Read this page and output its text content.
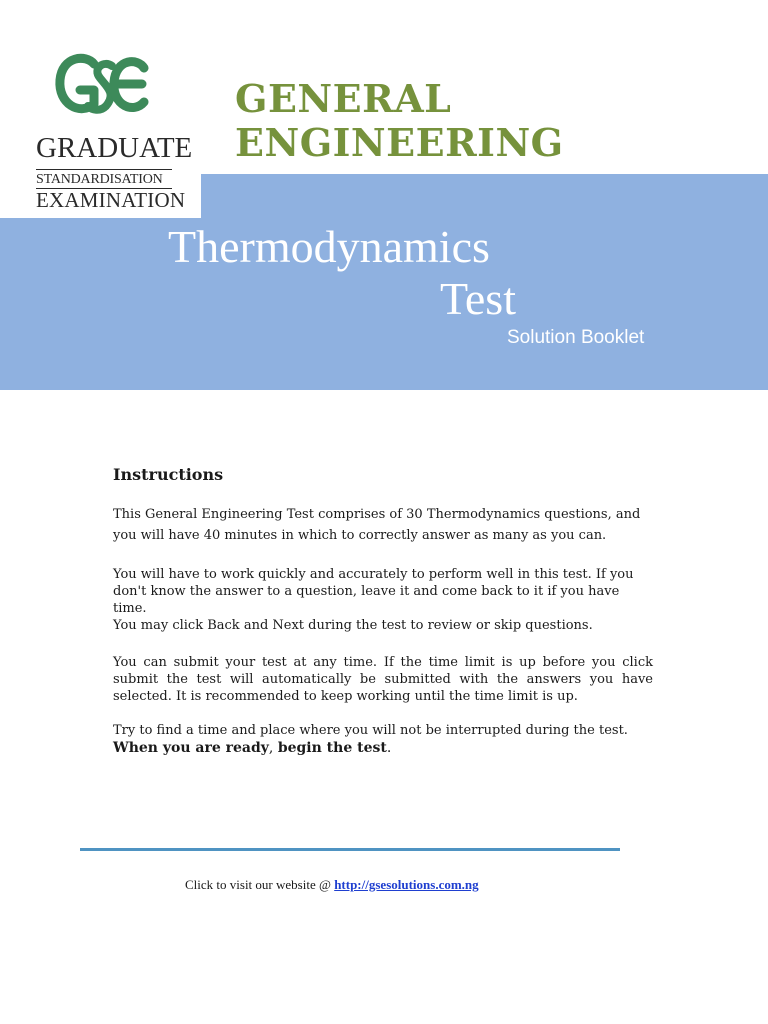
GRADUATE
STANDARDISATION
EXAMINATION
GENERAL
ENGINEERING
Thermodynamics
Test
Solution Booklet
Instructions
This General Engineering Test comprises of 30 Thermodynamics questions, and you will have 40 minutes in which to correctly answer as many as you can.
You will have to work quickly and accurately to perform well in this test. If you don't know the answer to a question, leave it and come back to it if you have time.
You may click Back and Next during the test to review or skip questions.
You can submit your test at any time. If the time limit is up before you click submit the test will automatically be submitted with the answers you have selected. It is recommended to keep working until the time limit is up.
Try to find a time and place where you will not be interrupted during the test.
When you are ready, begin the test.
Click to visit our website @ http://gsesolutions.com.ng
